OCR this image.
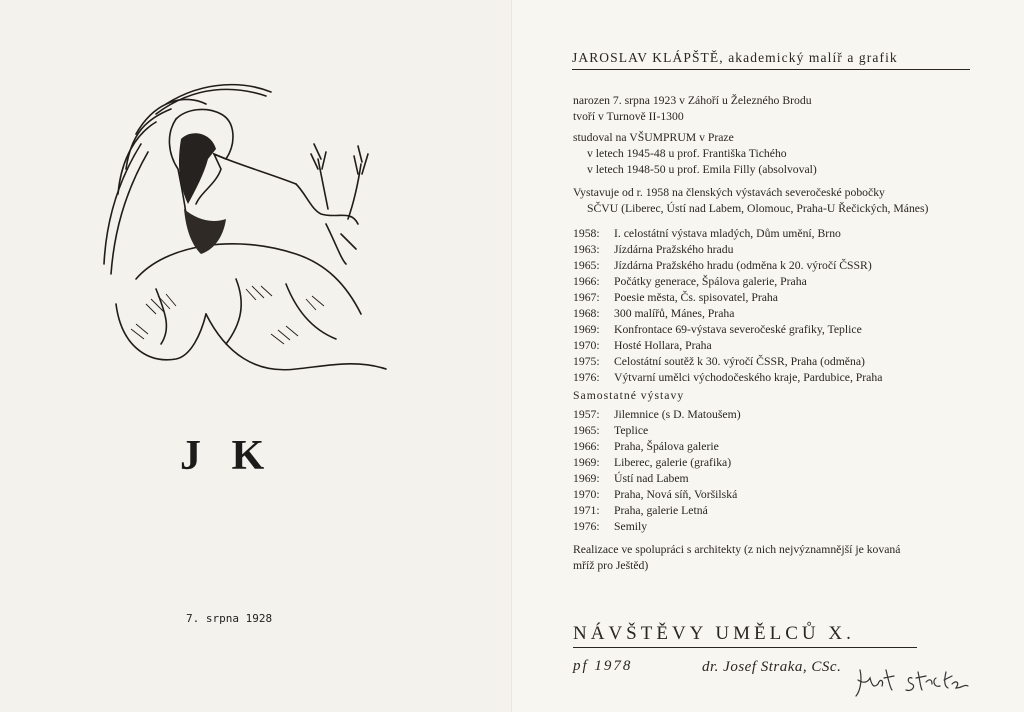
J K
7. srpna 1928
JAROSLAV KLÁPŠTĚ, akademický malíř a grafik

narozen 7. srpna 1923 v Záhoří u Železného Brodu

tvoří v Turnově II-1300

studoval na VŠUMPRUM v Praze

v letech 1945-48 u prof. Františka Tichého

v letech 1948-50 u prof. Emila Filly (absolvoval)

Vystavuje od r. 1958 na členských výstavách severočeské pobočky

SČVU (Liberec, Ústí nad Labem, Olomouc, Praha-U Řečických, Mánes)

1958: I. celostátní výstava mladých, Dům umění, Brno
1963: Jízdárna Pražského hradu
1965: Jízdárna Pražského hradu (odměna k 20. výročí ČSSR)
1966: Počátky generace, Špálova galerie, Praha
1967: Poesie města, Čs. spisovatel, Praha
1968: 300 malířů, Mánes, Praha
1969: Konfrontace 69-výstava severočeské grafiky, Teplice
1970: Hosté Hollara, Praha
1975: Celostátní soutěž k 30. výročí ČSSR, Praha (odměna)
1976: Výtvarní umělci východočeského kraje, Pardubice, Praha

Samostatné výstavy

1957: Jilemnice (s D. Matoušem)
1965: Teplice
1966: Praha, Špálova galerie
1969: Liberec, galerie (grafika)
1969: Ústí nad Labem
1970: Praha, Nová síň, Voršilská
1971: Praha, galerie Letná
1976: Semily

Realizace ve spolupráci s architekty (z nich nejvýznamnější je kovaná

mříž pro Ještěd)

NÁVŠTĚVY UMĚLCŮ X.
pf 1978	dr. Josef Straka, CSc.
